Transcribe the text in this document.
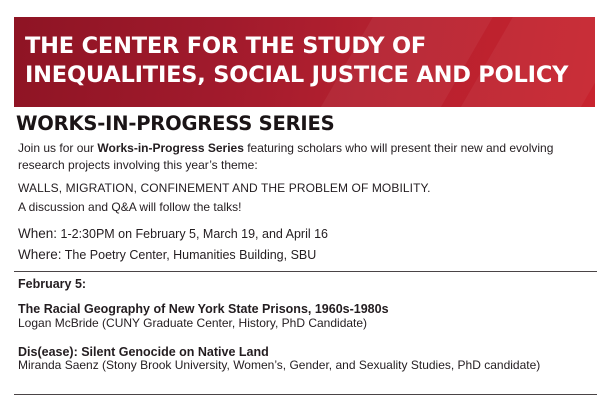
THE CENTER FOR THE STUDY OF
INEQUALITIES, SOCIAL JUSTICE AND POLICY
WORKS-IN-PROGRESS SERIES

Join us for our Works-in-Progress Series featuring scholars who will present their new and evolving research projects involving this year’s theme:

WALLS, MIGRATION, CONFINEMENT AND THE PROBLEM OF MOBILITY.

A discussion and Q&A will follow the talks!

When: 1-2:30PM on February 5, March 19, and April 16

Where: The Poetry Center, Humanities Building, SBU

February 5:
The Racial Geography of New York State Prisons, 1960s-1980s
Logan McBride (CUNY Graduate Center, History, PhD Candidate)
Dis(ease): Silent Genocide on Native Land
Miranda Saenz (Stony Brook University, Women’s, Gender, and Sexuality Studies, PhD candidate)
